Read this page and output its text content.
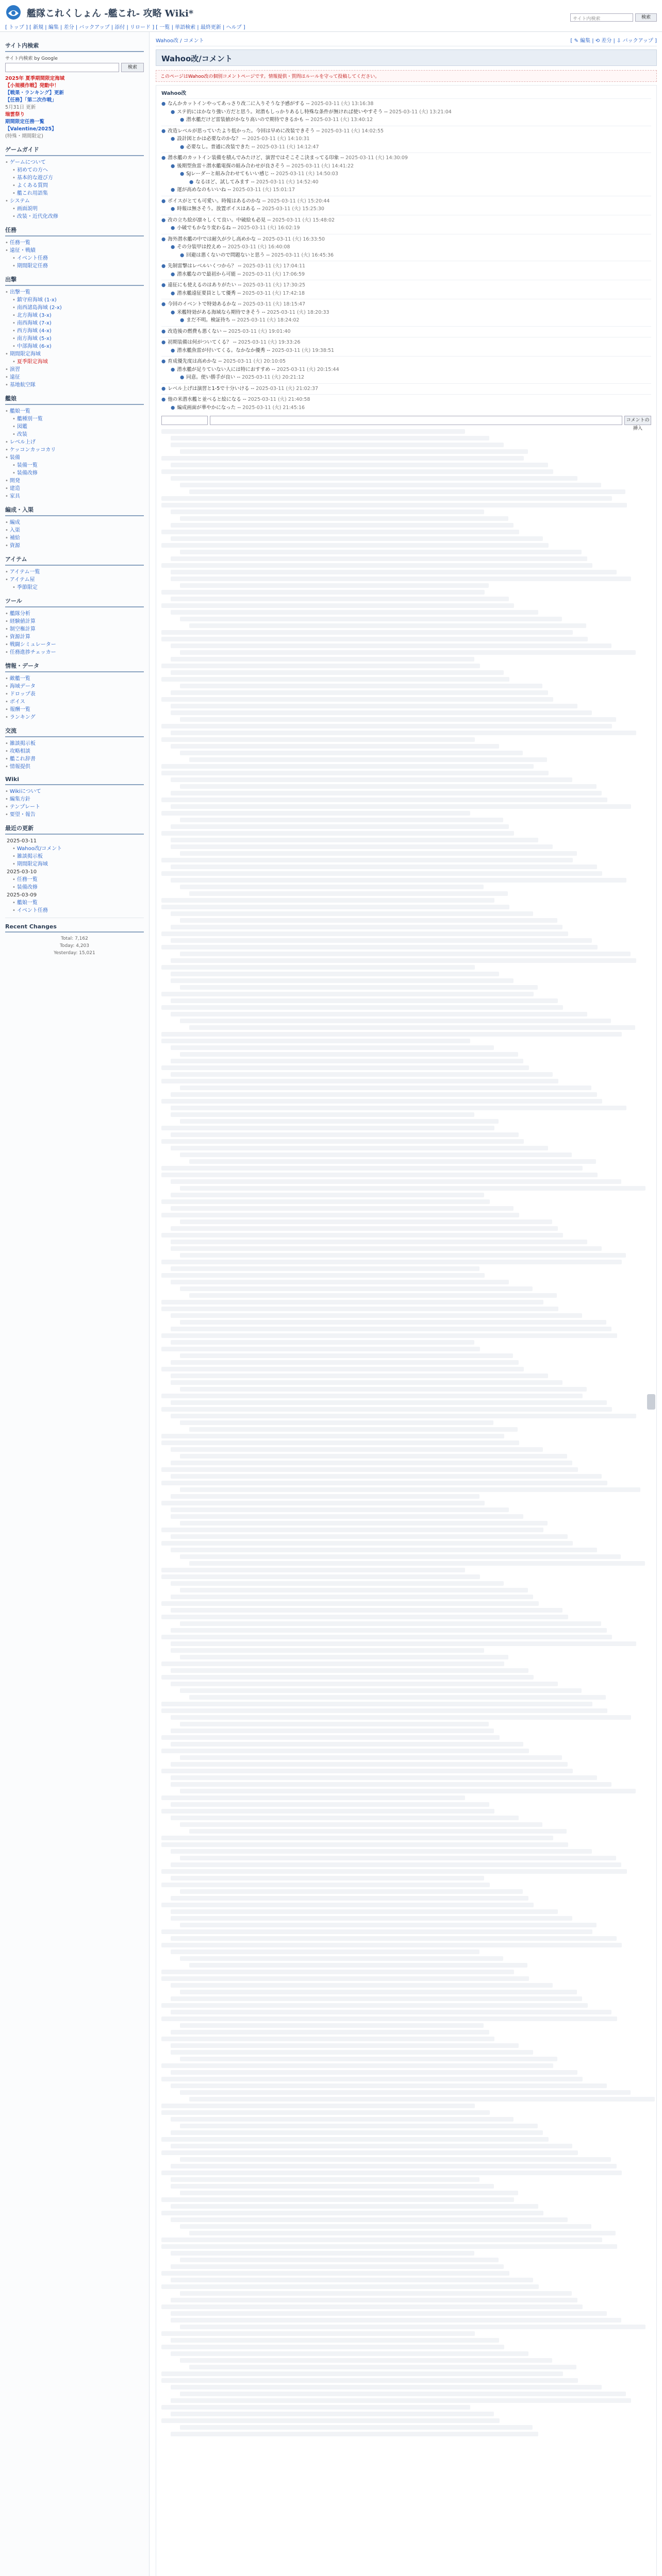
艦隊これくしょん -艦これ- 攻略 Wiki*
[ トップ ] [ 新規 | 編集 | 差分 | バックアップ | 添付 | リロード ] [ 一覧 | 単語検索 | 最終更新 | ヘルプ ]
サイト内検索	検索
サイト内検索
サイト内検索 by Google
検索
2025年 夏季期間限定海域
【小規模作戦】発動中！
【戦果・ランキング】更新
【任務】「第二次作戦」
5月31日 更新
瑞雲祭り
期間限定任務一覧
【Valentine/2025】
(特殊・期間限定)
ゲームガイド
• ゲームについて
• 初めての方へ
• 基本的な遊び方
• よくある質問
• 艦これ用語集
• システム
• 画面説明
• 改装・近代化改修
任務
• 任務一覧
• 遠征・戦績
• イベント任務
• 期間限定任務
出撃
• 出撃一覧
• 鎮守府海域 (1-x)
• 南西諸島海域 (2-x)
• 北方海域 (3-x)
• 南西海域 (7-x)
• 西方海域 (4-x)
• 南方海域 (5-x)
• 中部海域 (6-x)
• 期間限定海域
• 夏季限定海域
• 演習
• 遠征
• 基地航空隊
艦娘
• 艦娘一覧
• 艦種別一覧
• 図鑑
• 改装
• レベル上げ
• ケッコンカッコカリ
• 装備
• 装備一覧
• 装備改修
• 開発
• 建造
• 家具
編成・入渠
• 編成
• 入渠
• 補給
• 資源
アイテム
• アイテム一覧
• アイテム屋
• 季節限定
ツール
• 艦隊分析
• 経験値計算
• 制空権計算
• 資源計算
• 戦闘シミュレーター
• 任務進捗チェッカー
情報・データ
• 敵艦一覧
• 海域データ
• ドロップ表
• ボイス
• 報酬一覧
• ランキング
交流
• 雑談掲示板
• 攻略相談
• 艦これ辞書
• 情報提供
Wiki
• Wikiについて
• 編集方針
• テンプレート
• 要望・報告
最近の更新
2025-03-11
• Wahoo改/コメント
• 雑談掲示板
• 期間限定海域
2025-03-10
• 任務一覧
• 装備改修
2025-03-09
• 艦娘一覧
• イベント任務
Recent Changes
Total: 7,162
Today: 4,203
Yesterday: 15,021
Wahoo改 / コメント	[ ✎ 編集 | ⟲ 差分 | ⇩ バックアップ ]
Wahoo改/コメント
このページはWahoo改の個別コメントページです。情報提供・質問はルールを守って投稿してください。
Wahoo改
● なんかカットインやってあっさり改二に入りそうな予感がする -- 2025-03-11 (火) 13:16:38
● ステ的にはかなり強い方だと思う。対潜もしっかりあるし特殊な条件が無ければ使いやすそう -- 2025-03-11 (火) 13:21:04
● 潜水艦だけど雷装値がかなり高いので期待できるかも -- 2025-03-11 (火) 13:40:12
● 改造レベルが思っていたより低かった。今回は早めに改装できそう -- 2025-03-11 (火) 14:02:55
● 設計図とかは必要なのかな？ -- 2025-03-11 (火) 14:10:31
● 必要なし。普通に改装できた -- 2025-03-11 (火) 14:12:47
● 潜水艦のカットイン装備を積んでみたけど、演習ではそこそこ決まってる印象 -- 2025-03-11 (火) 14:30:09
● 後期型魚雷＋潜水艦電探の組み合わせが良さそう -- 2025-03-11 (火) 14:41:22
● SJレーダーと組み合わせてもいい感じ -- 2025-03-11 (火) 14:50:03
● なるほど、試してみます -- 2025-03-11 (火) 14:52:40
● 運が高めなのもいいね -- 2025-03-11 (火) 15:01:17
● ボイスがとても可愛い。時報はあるのかな -- 2025-03-11 (火) 15:20:44
● 時報は無さそう。放置ボイスはある -- 2025-03-11 (火) 15:25:30
● 改の立ち絵が凛々しくて良い。中破絵も必見 -- 2025-03-11 (火) 15:48:02
● 小破でもかなり変わるね -- 2025-03-11 (火) 16:02:19
● 海外潜水艦の中では耐久が少し高めかな -- 2025-03-11 (火) 16:33:50
● その分装甲は控えめ -- 2025-03-11 (火) 16:40:08
● 回避は悪くないので問題ないと思う -- 2025-03-11 (火) 16:45:36
● 先制雷撃はレベルいくつから？ -- 2025-03-11 (火) 17:04:11
● 潜水艦なので最初から可能 -- 2025-03-11 (火) 17:06:59
● 遠征にも使えるのはありがたい -- 2025-03-11 (火) 17:30:25
● 潜水艦遠征要員として優秀 -- 2025-03-11 (火) 17:42:18
● 今回のイベントで特効あるかな -- 2025-03-11 (火) 18:15:47
● 米艦特効がある海域なら期待できそう -- 2025-03-11 (火) 18:20:33
● まだ不明。検証待ち -- 2025-03-11 (火) 18:24:02
● 改造後の燃費も悪くない -- 2025-03-11 (火) 19:01:40
● 初期装備は何がついてくる？ -- 2025-03-11 (火) 19:33:26
● 潜水艦魚雷が付いてくる。なかなか優秀 -- 2025-03-11 (火) 19:38:51
● 育成優先度は高めかな -- 2025-03-11 (火) 20:10:05
● 潜水艦が足りていない人には特におすすめ -- 2025-03-11 (火) 20:15:44
● 同意。使い勝手が良い -- 2025-03-11 (火) 20:21:12
● レベル上げは演習と1-5で十分いける -- 2025-03-11 (火) 21:02:37
● 他の米潜水艦と並べると絵になる -- 2025-03-11 (火) 21:40:58
● 編成画面が華やかになった -- 2025-03-11 (火) 21:45:16
コメントの挿入
